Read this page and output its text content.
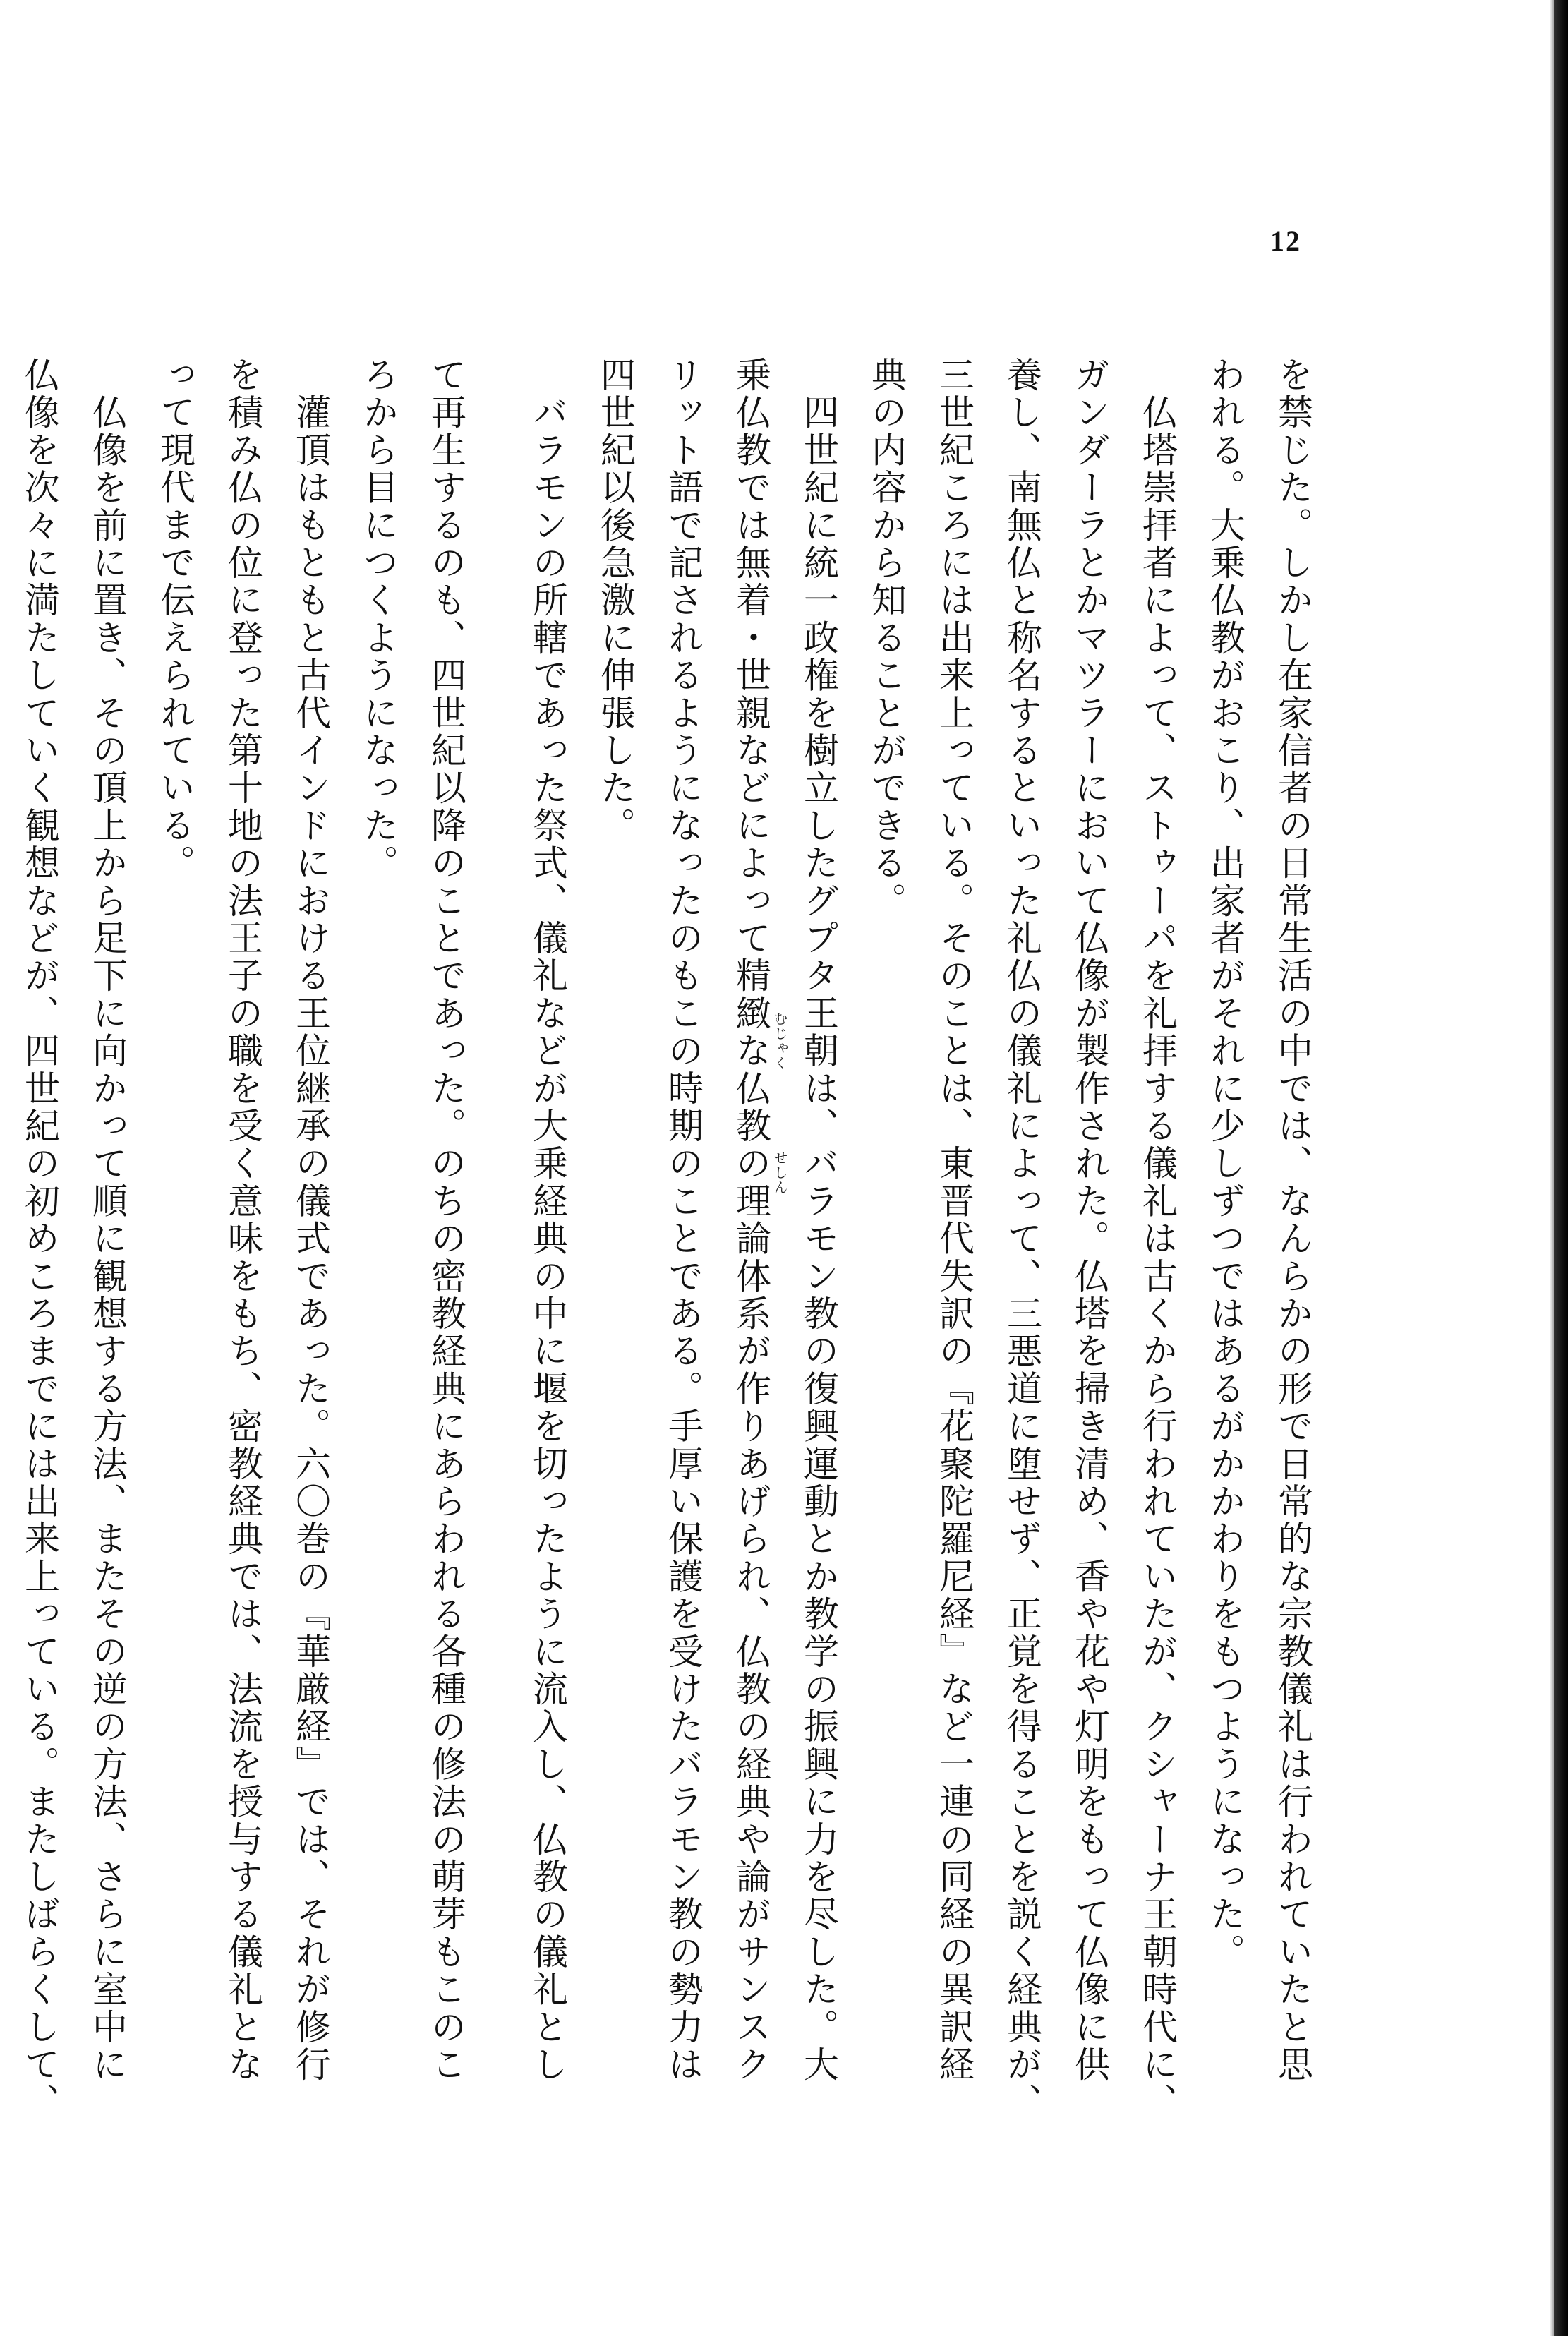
12
を禁じた。しかし在家信者の日常生活の中では、なんらかの形で日常的な宗教儀礼は行われていたと思
われる。大乗仏教がおこり、出家者がそれに少しずつではあるがかかわりをもつようになった。
　仏塔崇拝者によって、ストゥーパを礼拝する儀礼は古くから行われていたが、クシャーナ王朝時代に、
ガンダーラとかマツラーにおいて仏像が製作された。仏塔を掃き清め、香や花や灯明をもって仏像に供
養し、南無仏と称名するといった礼仏の儀礼によって、三悪道に堕せず、正覚を得ることを説く経典が、
三世紀ころには出来上っている。そのことは、東晋代失訳の『花聚陀羅尼経』など一連の同経の異訳経
典の内容から知ることができる。
　四世紀に統一政権を樹立したグプタ王朝は、バラモン教の復興運動とか教学の振興に力を尽した。大
乗仏教では無着・世親などによって精緻な仏教の理論体系が作りあげられ、仏教の経典や論がサンスク
リット語で記されるようになったのもこの時期のことである。手厚い保護を受けたバラモン教の勢力は
四世紀以後急激に伸張した。
　バラモンの所轄であった祭式、儀礼などが大乗経典の中に堰を切ったように流入し、仏教の儀礼とし
て再生するのも、四世紀以降のことであった。のちの密教経典にあらわれる各種の修法の萌芽もこのこ
ろから目につくようになった。
　灌頂はもともと古代インドにおける王位継承の儀式であった。六〇巻の『華厳経』では、それが修行
を積み仏の位に登った第十地の法王子の職を受く意味をもち、密教経典では、法流を授与する儀礼とな
って現代まで伝えられている。
　仏像を前に置き、その頂上から足下に向かって順に観想する方法、またその逆の方法、さらに室中に
仏像を次々に満たしていく観想などが、四世紀の初めころまでには出来上っている。またしばらくして、	むじゃく
せしん
